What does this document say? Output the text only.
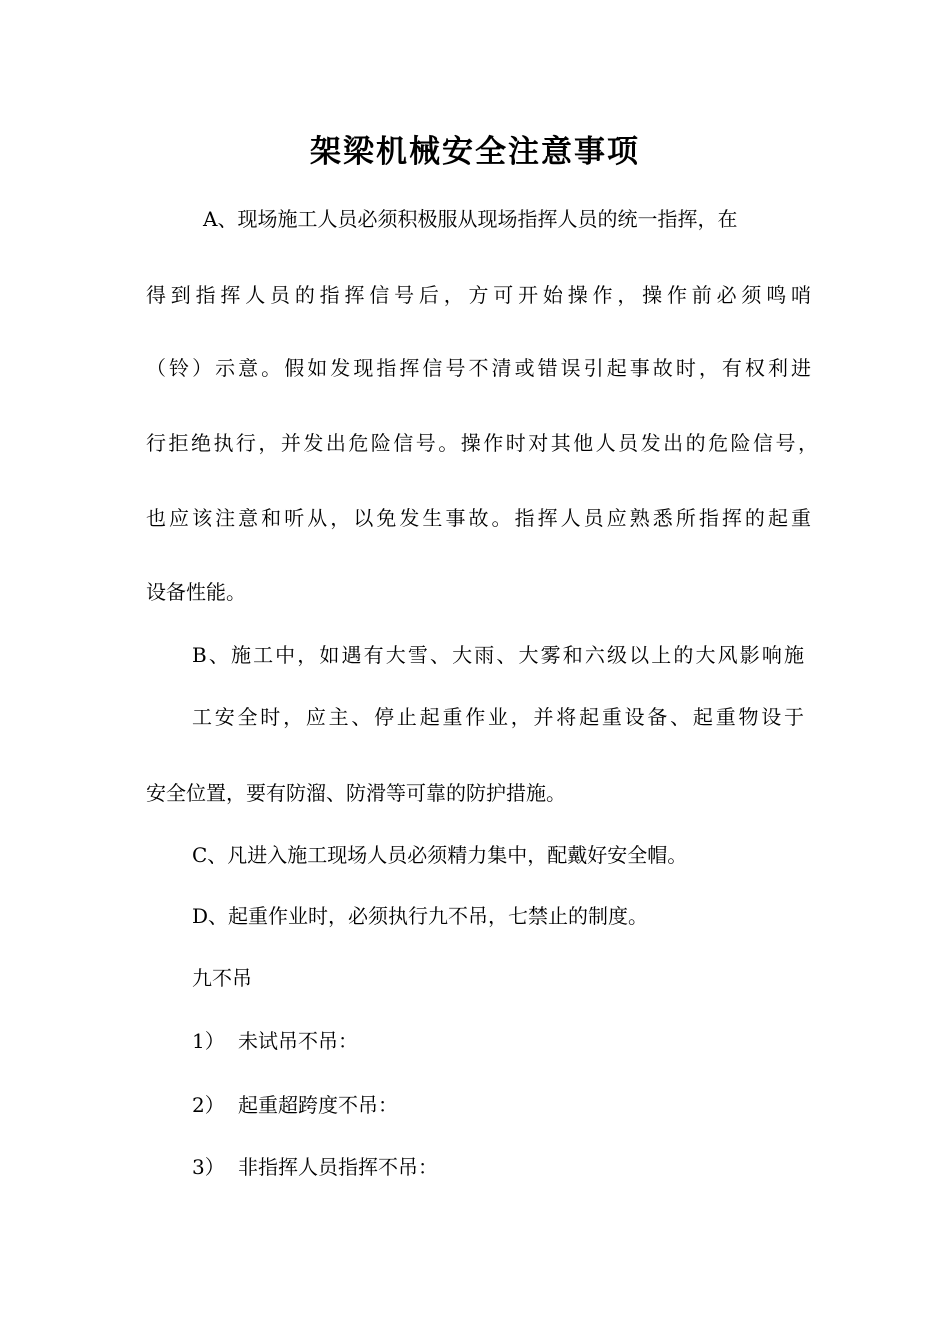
架梁机械安全注意事项
A、现场施工人员必须积极服从现场指挥人员的统一指挥，在
得到指挥人员的指挥信号后，方可开始操作，操作前必须鸣哨
（铃）示意。假如发现指挥信号不清或错误引起事故时，有权利进
行拒绝执行，并发出危险信号。操作时对其他人员发出的危险信号，
也应该注意和听从，以免发生事故。指挥人员应熟悉所指挥的起重
设备性能。
B、施工中，如遇有大雪、大雨、大雾和六级以上的大风影响施
工安全时，应主、停止起重作业，并将起重设备、起重物设于
安全位置，要有防溜、防滑等可靠的防护措施。
C、凡进入施工现场人员必须精力集中，配戴好安全帽。
D、起重作业时，必须执行九不吊，七禁止的制度。
九不吊
1） 未试吊不吊：
2） 起重超跨度不吊：
3） 非指挥人员指挥不吊：
